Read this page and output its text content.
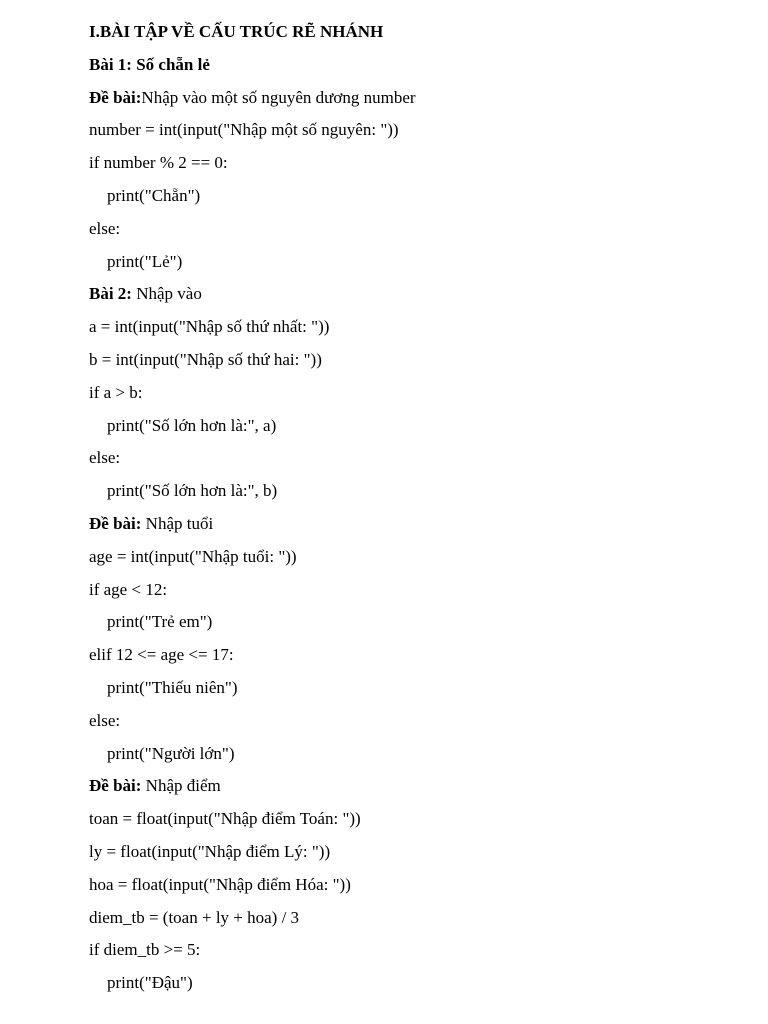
I.BÀI TẬP VỀ CẤU TRÚC RẼ NHÁNH
Bài 1: Số chẵn lẻ
Đề bài:Nhập vào một số nguyên dương number
number = int(input("Nhập một số nguyên: "))
if number % 2 == 0:
print("Chẵn")
else:
print("Lẻ")
Bài 2: Nhập vào
a = int(input("Nhập số thứ nhất: "))
b = int(input("Nhập số thứ hai: "))
if a > b:
print("Số lớn hơn là:", a)
else:
print("Số lớn hơn là:", b)
Đề bài: Nhập tuổi
age = int(input("Nhập tuổi: "))
if age < 12:
print("Trẻ em")
elif 12 <= age <= 17:
print("Thiếu niên")
else:
print("Người lớn")
Đề bài: Nhập điểm
toan = float(input("Nhập điểm Toán: "))
ly = float(input("Nhập điểm Lý: "))
hoa = float(input("Nhập điểm Hóa: "))
diem_tb = (toan + ly + hoa) / 3
if diem_tb >= 5:
print("Đậu")
